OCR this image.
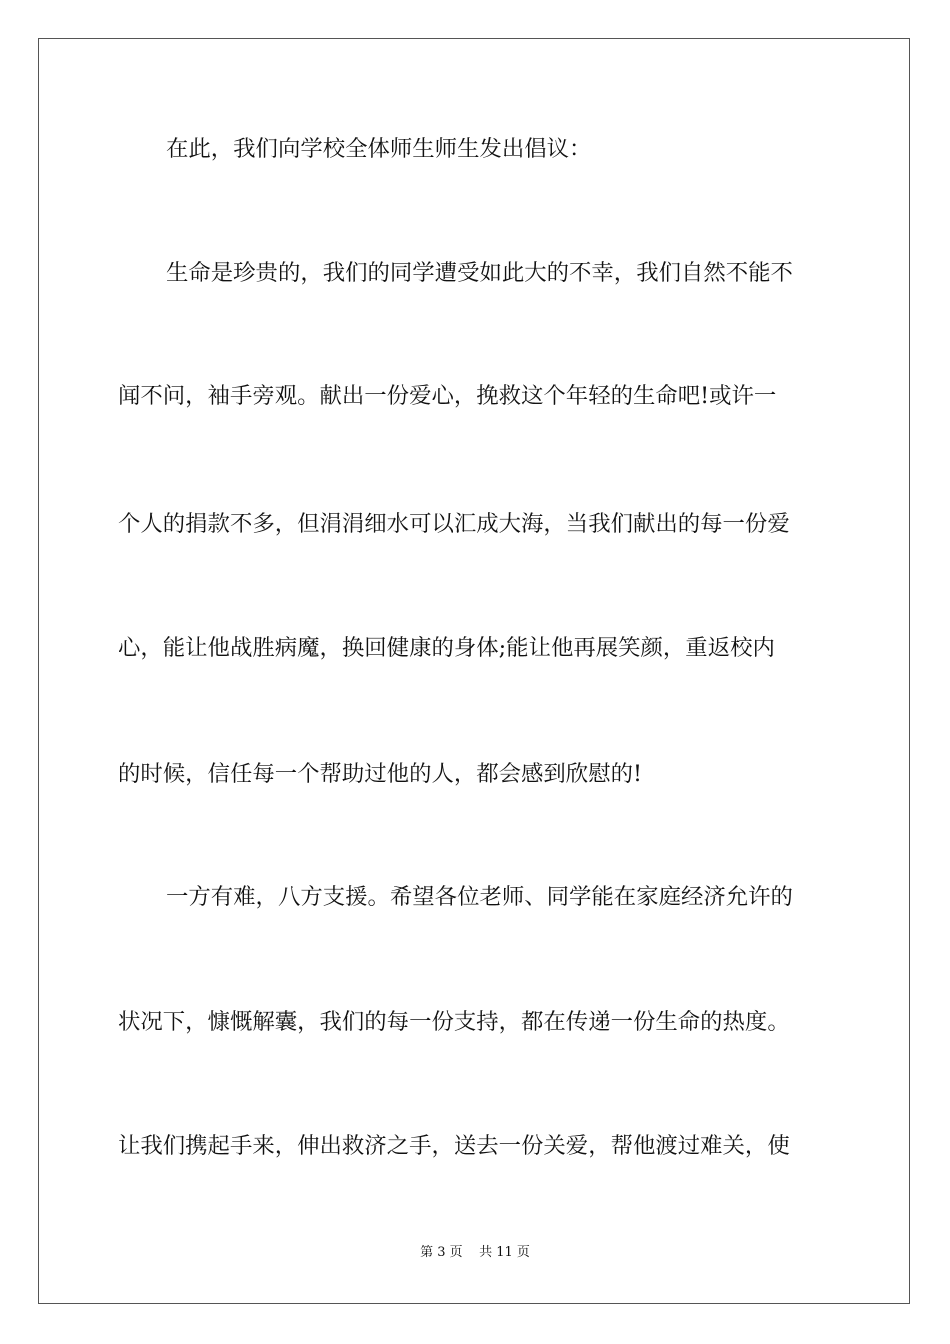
在此，我们向学校全体师生师生发出倡议：
生命是珍贵的，我们的同学遭受如此大的不幸，我们自然不能不
闻不问，袖手旁观。献出一份爱心，挽救这个年轻的生命吧!或许一
个人的捐款不多，但涓涓细水可以汇成大海，当我们献出的每一份爱
心，能让他战胜病魔，换回健康的身体;能让他再展笑颜，重返校内
的时候，信任每一个帮助过他的人，都会感到欣慰的!
一方有难，八方支援。希望各位老师、同学能在家庭经济允许的
状况下，慷慨解囊，我们的每一份支持，都在传递一份生命的热度。
让我们携起手来，伸出救济之手，送去一份关爱，帮他渡过难关，使
第 3 页    共 11 页
